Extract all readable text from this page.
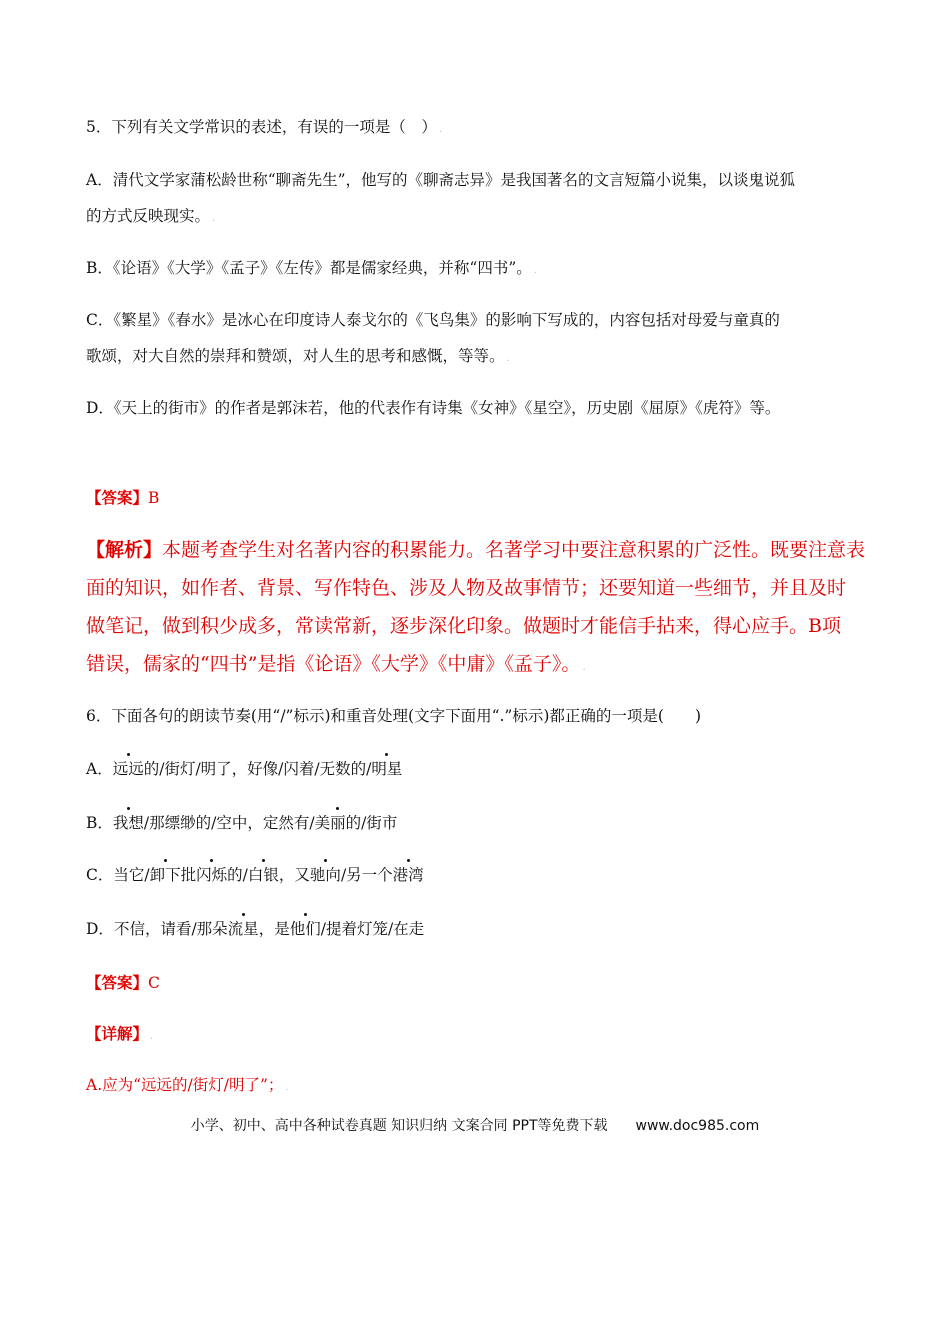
5．下列有关文学常识的表述，有误的一项是（　） .
A．清代文学家蒲松龄世称“聊斋先生”，他写的《聊斋志异》是我国著名的文言短篇小说集，以谈鬼说狐
的方式反映现实。 .
B．《论语》《大学》《孟子》《左传》都是儒家经典，并称“四书”。 .
C．《繁星》《春水》是冰心在印度诗人泰戈尔的《飞鸟集》的影响下写成的，内容包括对母爱与童真的
歌颂，对大自然的崇拜和赞颂，对人生的思考和感慨，等等。 .
D．《天上的街市》的作者是郭沫若，他的代表作有诗集《女神》《星空》，历史剧《屈原》《虎符》等。
【答案】B
【解析】本题考查学生对名著内容的积累能力。名著学习中要注意积累的广泛性。既要注意表
面的知识，如作者、背景、写作特色、涉及人物及故事情节；还要知道一些细节，并且及时
做笔记，做到积少成多，常读常新，逐步深化印象。做题时才能信手拈来，得心应手。B项
错误，儒家的“四书”是指《论语》《大学》《中庸》《孟子》。 .
6．下面各句的朗读节奏(用“/”标示)和重音处理(文字下面用“.”标示)都正确的一项是(　　)
A．远远的/街灯/明了，好像/闪着/无数的/明星
B．我想/那缥缈的/空中，定然有/美丽的/街市
C．当它/卸下批闪烁的/白银，又驰向/另一个港湾
D．不信，请看/那朵流星，是他们/提着灯笼/在走
【答案】C
【详解】 .
A.应为“远远的/街灯/明了”； .
小学、初中、高中各种试卷真题 知识归纳 文案合同 PPT等免费下载　　www.doc985.com
